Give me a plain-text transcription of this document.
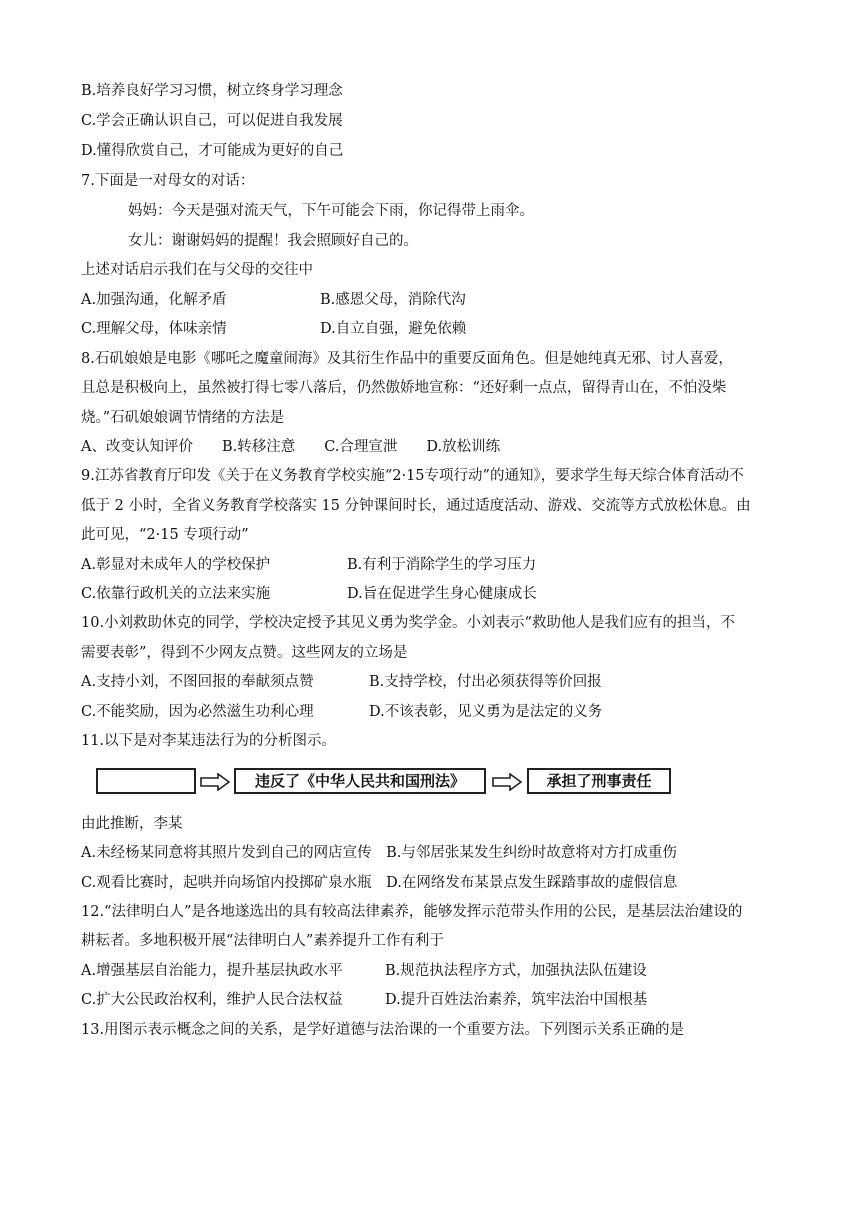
B.培养良好学习习惯，树立终身学习理念
C.学会正确认识自己，可以促进自我发展
D.懂得欣赏自己，才可能成为更好的自己
7.下面是一对母女的对话：
妈妈：今天是强对流天气，下午可能会下雨，你记得带上雨伞。
女儿：谢谢妈妈的提醒！我会照顾好自己的。
上述对话启示我们在与父母的交往中
A.加强沟通，化解矛盾	B.感恩父母，消除代沟
C.理解父母，体味亲情	D.自立自强，避免依赖
8.石矶娘娘是电影《哪吒之魔童闹海》及其衍生作品中的重要反面角色。但是她纯真无邪、讨人喜爱，
且总是积极向上，虽然被打得七零八落后，仍然傲娇地宣称：“还好剩一点点，留得青山在，不怕没柴
烧。”石矶娘娘调节情绪的方法是
A、改变认知评价　　B.转移注意　　C.合理宣泄　　D.放松训练
9.江苏省教育厅印发《关于在义务教育学校实施“2·15专项行动”的通知》，要求学生每天综合体育活动不
低于 2 小时，全省义务教育学校落实 15 分钟课间时长，通过适度活动、游戏、交流等方式放松休息。由
此可见，“2·15 专项行动”
A.彰显对未成年人的学校保护	B.有利于消除学生的学习压力
C.依靠行政机关的立法来实施	D.旨在促进学生身心健康成长
10.小刘救助休克的同学，学校决定授予其见义勇为奖学金。小刘表示“救助他人是我们应有的担当，不
需要表彰”，得到不少网友点赞。这些网友的立场是
A.支持小刘，不图回报的奉献须点赞	B.支持学校，付出必须获得等价回报
C.不能奖励，因为必然滋生功利心理	D.不该表彰，见义勇为是法定的义务
11.以下是对李某违法行为的分析图示。
违反了《中华人民共和国刑法》	承担了刑事责任
由此推断，李某
A.未经杨某同意将其照片发到自己的网店宣传　B.与邻居张某发生纠纷时故意将对方打成重伤
C.观看比赛时，起哄并向场馆内投掷矿泉水瓶　D.在网络发布某景点发生踩踏事故的虚假信息
12.“法律明白人”是各地遂选出的具有较高法律素养，能够发挥示范带头作用的公民，是基层法治建设的
耕耘者。多地积极开展“法律明白人”素养提升工作有利于
A.增强基层自治能力，提升基层执政水平	B.规范执法程序方式，加强执法队伍建设
C.扩大公民政治权利，维护人民合法权益	D.提升百姓法治素养，筑牢法治中国根基
13.用图示表示概念之间的关系，是学好道德与法治课的一个重要方法。下列图示关系正确的是
